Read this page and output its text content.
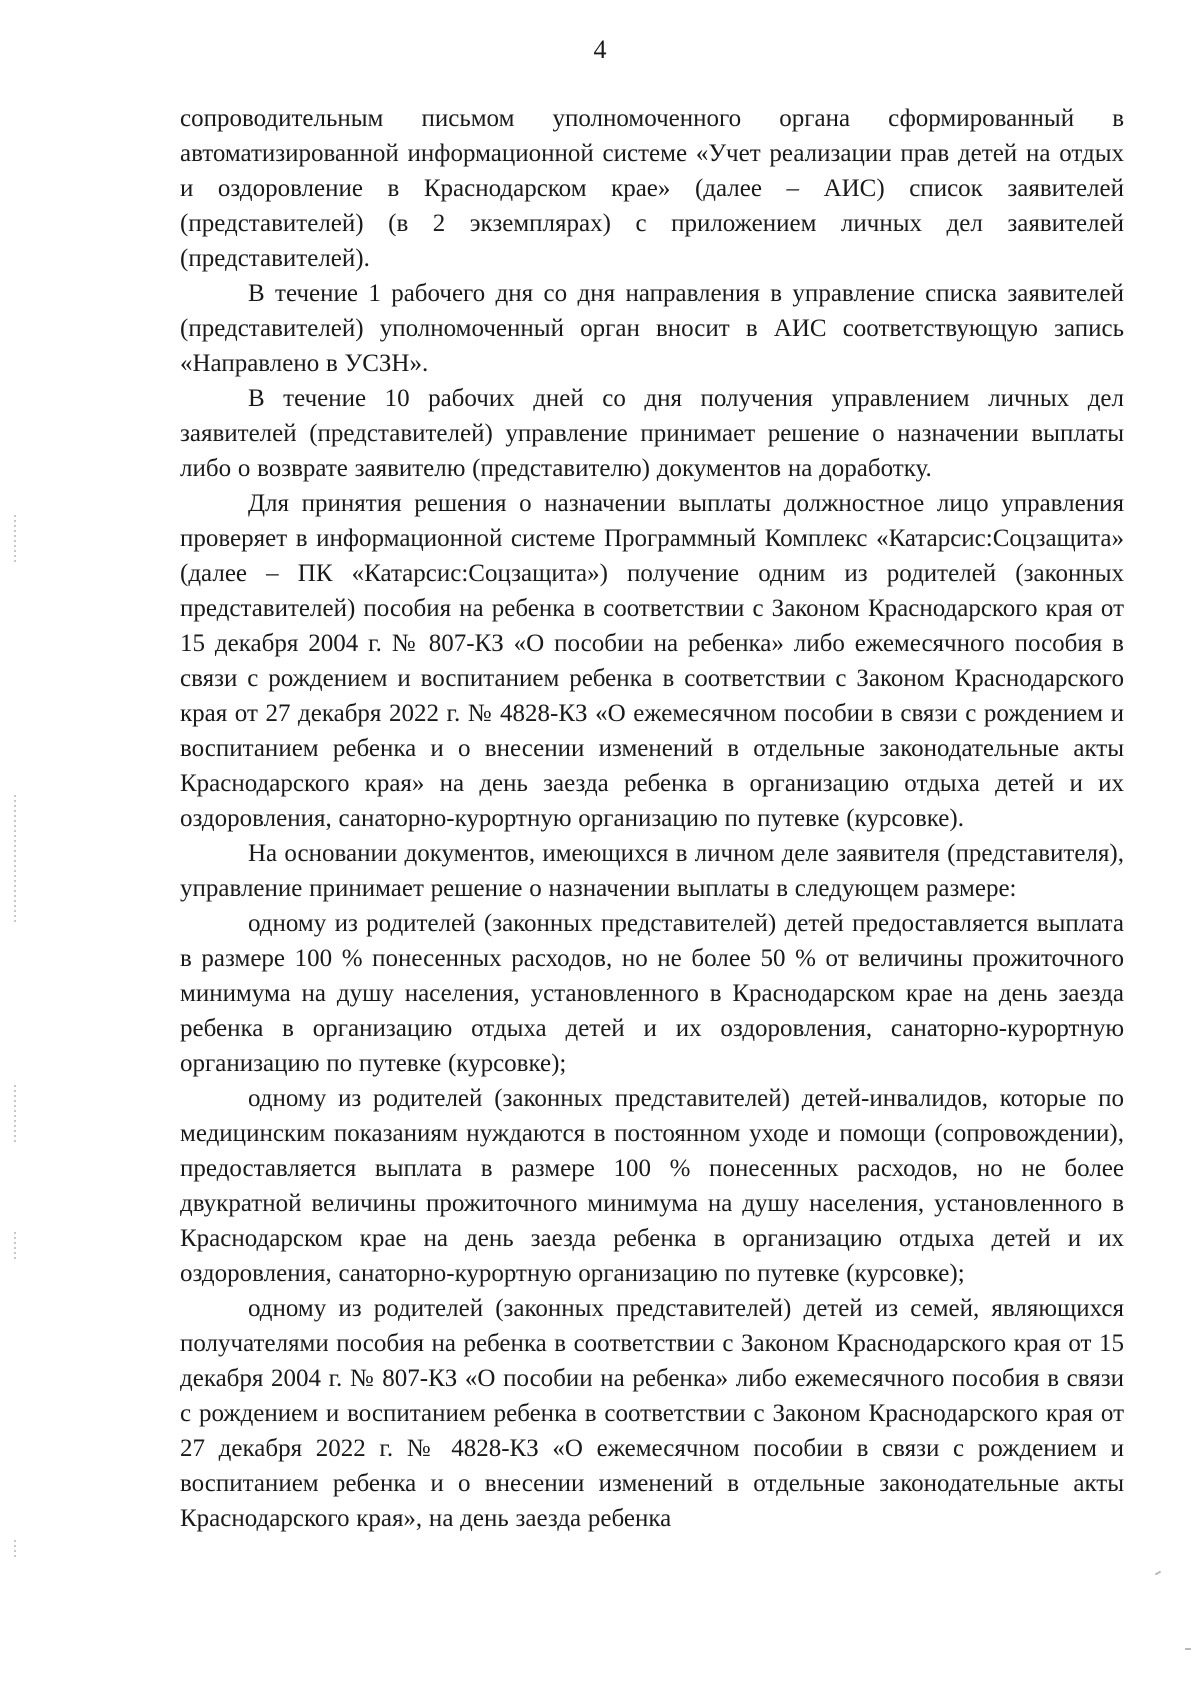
4

сопроводительным письмом уполномоченного органа сформированный в автоматизированной информационной системе «Учет реализации прав детей на отдых и оздоровление в Краснодарском крае» (далее – АИС) список заявителей (представителей) (в 2 экземплярах) с приложением личных дел заявителей (представителей).

В течение 1 рабочего дня со дня направления в управление списка заявителей (представителей) уполномоченный орган вносит в АИС соответствующую запись «Направлено в УСЗН».

В течение 10 рабочих дней со дня получения управлением личных дел заявителей (представителей) управление принимает решение о назначении выплаты либо о возврате заявителю (представителю) документов на доработку.

Для принятия решения о назначении выплаты должностное лицо управления проверяет в информационной системе Программный Комплекс «Катарсис:Соцзащита» (далее – ПК «Катарсис:Соцзащита») получение одним из родителей (законных представителей) пособия на ребенка в соответствии с Законом Краснодарского края от 15 декабря 2004 г. № 807-КЗ «О пособии на ребенка» либо ежемесячного пособия в связи с рождением и воспитанием ребенка в соответствии с Законом Краснодарского края от 27 декабря 2022 г. № 4828-КЗ «О ежемесячном пособии в связи с рождением и воспитанием ребенка и о внесении изменений в отдельные законодательные акты Краснодарского края» на день заезда ребенка в организацию отдыха детей и их оздоровления, санаторно-курортную организацию по путевке (курсовке).

На основании документов, имеющихся в личном деле заявителя (представителя), управление принимает решение о назначении выплаты в следующем размере:

одному из родителей (законных представителей) детей предоставляется выплата в размере 100 % понесенных расходов, но не более 50 % от величины прожиточного минимума на душу населения, установленного в Краснодарском крае на день заезда ребенка в организацию отдыха детей и их оздоровления, санаторно-курортную организацию по путевке (курсовке);

одному из родителей (законных представителей) детей-инвалидов, которые по медицинским показаниям нуждаются в постоянном уходе и помощи (сопровождении), предоставляется выплата в размере 100 % понесенных расходов, но не более двукратной величины прожиточного минимума на душу населения, установленного в Краснодарском крае на день заезда ребенка в организацию отдыха детей и их оздоровления, санаторно-курортную организацию по путевке (курсовке);

одному из родителей (законных представителей) детей из семей, являющихся получателями пособия на ребенка в соответствии с Законом Краснодарского края от 15 декабря 2004 г. № 807-КЗ «О пособии на ребенка» либо ежемесячного пособия в связи с рождением и воспитанием ребенка в соответствии с Законом Краснодарского края от 27 декабря 2022 г. № 4828-КЗ «О ежемесячном пособии в связи с рождением и воспитанием ребенка и о внесении изменений в отдельные законодательные акты Краснодарского края», на день заезда ребенка
